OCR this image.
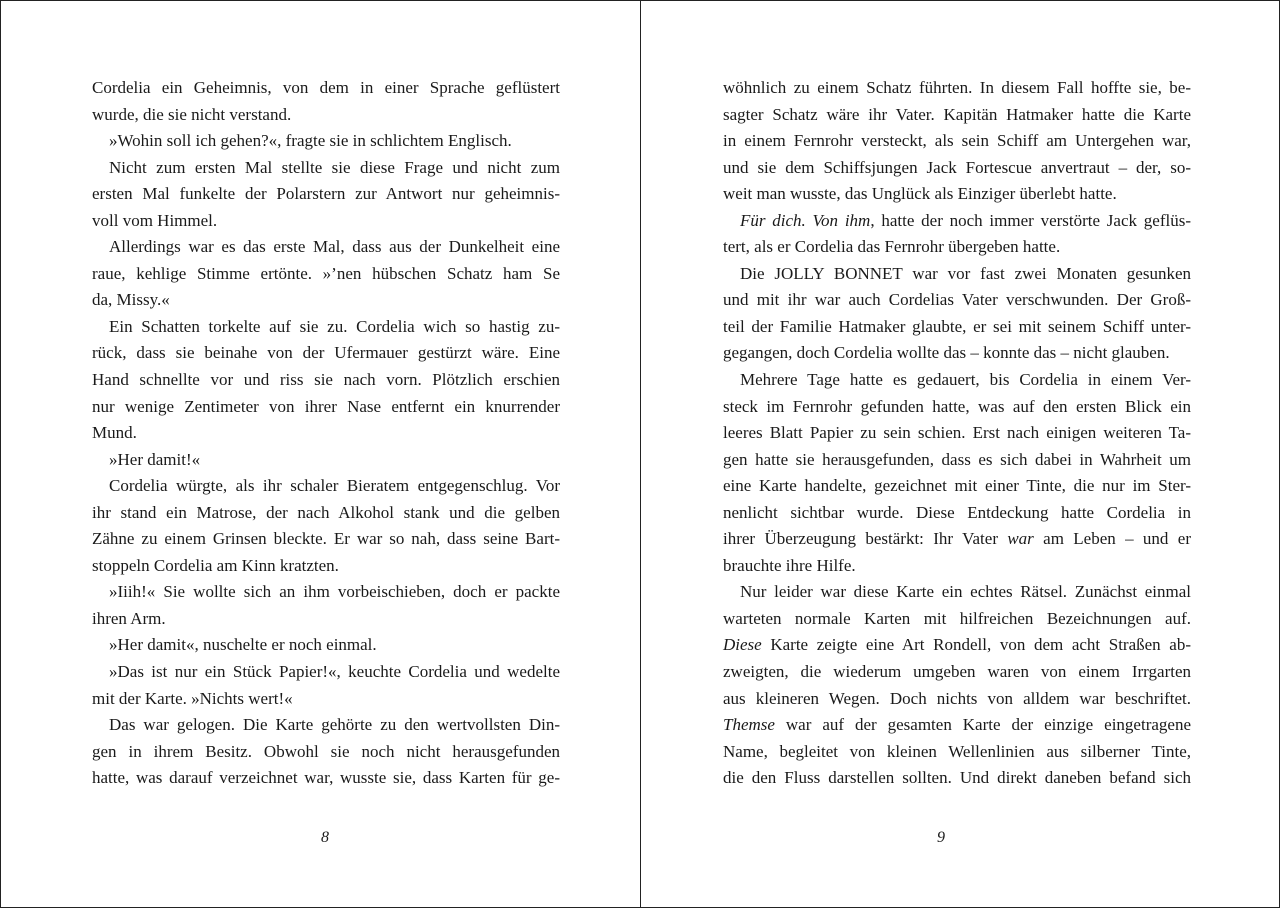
Cordelia ein Geheimnis, von dem in einer Sprache geflüstert
wurde, die sie nicht verstand.
»Wohin soll ich gehen?«, fragte sie in schlichtem Englisch.
Nicht zum ersten Mal stellte sie diese Frage und nicht zum
ersten Mal funkelte der Polarstern zur Antwort nur geheimnis-
voll vom Himmel.
Allerdings war es das erste Mal, dass aus der Dunkelheit eine
raue, kehlige Stimme ertönte. »’nen hübschen Schatz ham Se
da, Missy.«
Ein Schatten torkelte auf sie zu. Cordelia wich so hastig zu-
rück, dass sie beinahe von der Ufermauer gestürzt wäre. Eine
Hand schnellte vor und riss sie nach vorn. Plötzlich erschien
nur wenige Zentimeter von ihrer Nase entfernt ein knurrender
Mund.
»Her damit!«
Cordelia würgte, als ihr schaler Bieratem entgegenschlug. Vor
ihr stand ein Matrose, der nach Alkohol stank und die gelben
Zähne zu einem Grinsen bleckte. Er war so nah, dass seine Bart-
stoppeln Cordelia am Kinn kratzten.
»Iiih!« Sie wollte sich an ihm vorbeischieben, doch er packte
ihren Arm.
»Her damit«, nuschelte er noch einmal.
»Das ist nur ein Stück Papier!«, keuchte Cordelia und wedelte
mit der Karte. »Nichts wert!«
Das war gelogen. Die Karte gehörte zu den wertvollsten Din-
gen in ihrem Besitz. Obwohl sie noch nicht herausgefunden
hatte, was darauf verzeichnet war, wusste sie, dass Karten für ge-
wöhnlich zu einem Schatz führten. In diesem Fall hoffte sie, be-
sagter Schatz wäre ihr Vater. Kapitän Hatmaker hatte die Karte
in einem Fernrohr versteckt, als sein Schiff am Untergehen war,
und sie dem Schiffsjungen Jack Fortescue anvertraut – der, so-
weit man wusste, das Unglück als Einziger überlebt hatte.
Für dich. Von ihm, hatte der noch immer verstörte Jack geflüs-
tert, als er Cordelia das Fernrohr übergeben hatte.
Die JOLLY BONNET war vor fast zwei Monaten gesunken
und mit ihr war auch Cordelias Vater verschwunden. Der Groß-
teil der Familie Hatmaker glaubte, er sei mit seinem Schiff unter-
gegangen, doch Cordelia wollte das – konnte das – nicht glauben.
Mehrere Tage hatte es gedauert, bis Cordelia in einem Ver-
steck im Fernrohr gefunden hatte, was auf den ersten Blick ein
leeres Blatt Papier zu sein schien. Erst nach einigen weiteren Ta-
gen hatte sie herausgefunden, dass es sich dabei in Wahrheit um
eine Karte handelte, gezeichnet mit einer Tinte, die nur im Ster-
nenlicht sichtbar wurde. Diese Entdeckung hatte Cordelia in
ihrer Überzeugung bestärkt: Ihr Vater war am Leben – und er
brauchte ihre Hilfe.
Nur leider war diese Karte ein echtes Rätsel. Zunächst einmal
warteten normale Karten mit hilfreichen Bezeichnungen auf.
Diese Karte zeigte eine Art Rondell, von dem acht Straßen ab-
zweigten, die wiederum umgeben waren von einem Irrgarten
aus kleineren Wegen. Doch nichts von alldem war beschriftet.
Themse war auf der gesamten Karte der einzige eingetragene
Name, begleitet von kleinen Wellenlinien aus silberner Tinte,
die den Fluss darstellen sollten. Und direkt daneben befand sich
8	9
